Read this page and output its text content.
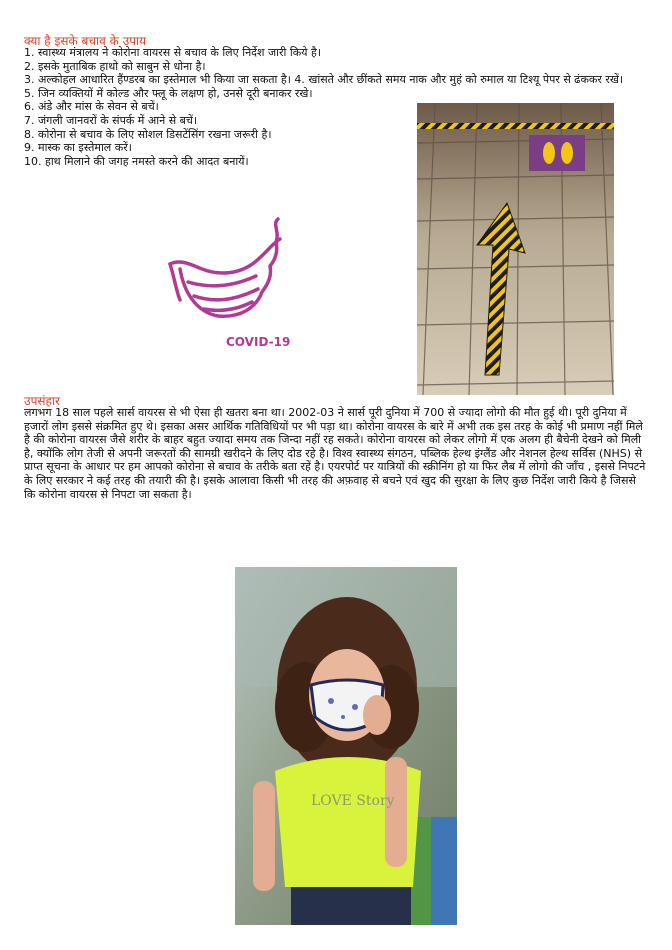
क्या है इसके बचाव के उपाय
1. स्वास्थ्य मंत्रालय ने कोरोना वायरस से बचाव के लिए निर्देश जारी किये है।
2. इसके मुताबिक हाथो को साबुन से धोना है।
3. अल्कोहल आधारित हैंण्डरब का इस्तेमाल भी किया जा सकता है। 4. खांसते और छींकते समय नाक और मुहं को रुमाल या टिश्यू पेपर से ढंककर रखें।
5. जिन व्यक्तियों में कोल्ड और फ्लू के लक्षण हो, उनसे दूरी बनाकर रखे।
6. अंडे और मांस के सेवन से बचें।
7. जंगली जानवरों के संपर्क में आने से बचें।
8. कोरोना से बचाव के लिए सोशल डिसटेंसिंग रखना जरूरी है।
9. मास्क का इस्तेमाल करें।
10. हाथ मिलाने की जगह नमस्ते करने की आदत बनायें।
COVID-19
उपसंहार
लगभग 18 साल पहले सार्स वायरस से भी ऐसा ही खतरा बना था। 2002-03 ने सार्स पूरी दुनिया में 700 से ज्यादा लोगो की मौत हुई थी। पूरी दुनिया में हजारों लोग इससे संक्रमित हुए थे। इसका असर आर्थिक गतिविधियों पर भी पड़ा था। कोरोना वायरस के बारे में अभी तक इस तरह के कोई भी प्रमाण नहीं मिले है की कोरोना वायरस जैसे शरीर के बाहर बहुत ज्यादा समय तक जिन्दा नहीं रह सकते। कोरोना वायरस को लेकर लोगो में एक अलग ही बैचेनी देखने को मिली है, क्योंकि लोग तेजी से अपनी जरूरतों की सामग्री खरीदने के लिए दोड रहे है। विश्व स्वास्थ्य संगठन, पब्लिक हेल्थ इंग्लैंड और नेशनल हेल्थ सर्विस (NHS) से प्राप्त सूचना के आधार पर हम आपको कोरोना से बचाव के तरीके बता रहें है। एयरपोर्ट पर यात्रियों की स्क्रीनिंग हो या फिर लैब में लोगो की जाँच , इससे निपटने के लिए सरकार ने कई तरह की तयारी की है। इसके आलावा किसी भी तरह की अफ़वाह से बचने एवं खुद की सुरक्षा के लिए कुछ निर्देश जारी किये है जिससे कि कोरोना वायरस से निपटा जा सकता है।
LOVE Story
